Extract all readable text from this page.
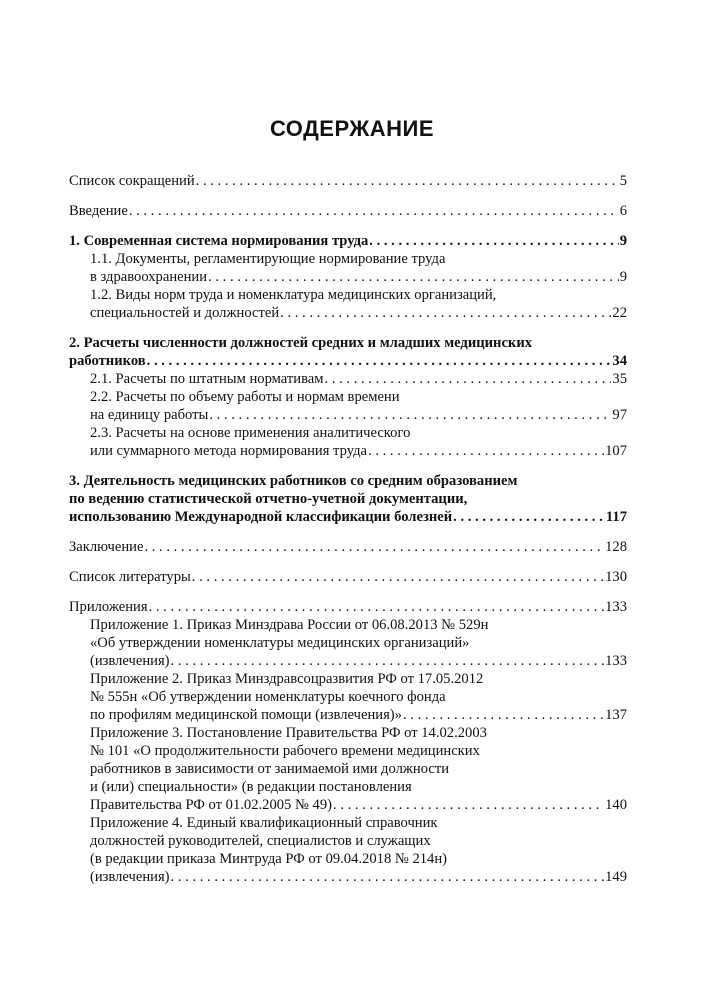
СОДЕРЖАНИЕ
Список сокращений . . .	5
Введение . . .	6
1. Современная система нормирования труда . . .	9
1.1. Документы, регламентирующие нормирование труда
в здравоохранении . . .	9
1.2. Виды норм труда и номенклатура медицинских организаций,
специальностей и должностей . . .	22
2. Расчеты численности должностей средних и младших медицинских
работников . . .	34
2.1. Расчеты по штатным нормативам . . .	35
2.2. Расчеты по объему работы и нормам времени
на единицу работы . . .	97
2.3. Расчеты на основе применения аналитического
или суммарного метода нормирования труда . . .	107
3. Деятельность медицинских работников со средним образованием
по ведению статистической отчетно-учетной документации,
использованию Международной классификации болезней . . .	117
Заключение . . .	128
Список литературы . . .	130
Приложения . . .	133
Приложение 1. Приказ Минздрава России от 06.08.2013 № 529н
«Об утверждении номенклатуры медицинских организаций»
(извлечения) . . .	133
Приложение 2. Приказ Минздравсоцразвития РФ от 17.05.2012
№ 555н «Об утверждении номенклатуры коечного фонда
по профилям медицинской помощи (извлечения)» . . .	137
Приложение 3. Постановление Правительства РФ от 14.02.2003
№ 101 «О продолжительности рабочего времени медицинских
работников в зависимости от занимаемой ими должности
и (или) специальности» (в редакции постановления
Правительства РФ от 01.02.2005 № 49) . . .	140
Приложение 4. Единый квалификационный справочник
должностей руководителей, специалистов и служащих
(в редакции приказа Минтруда РФ от 09.04.2018 № 214н)
(извлечения) . . .	149
